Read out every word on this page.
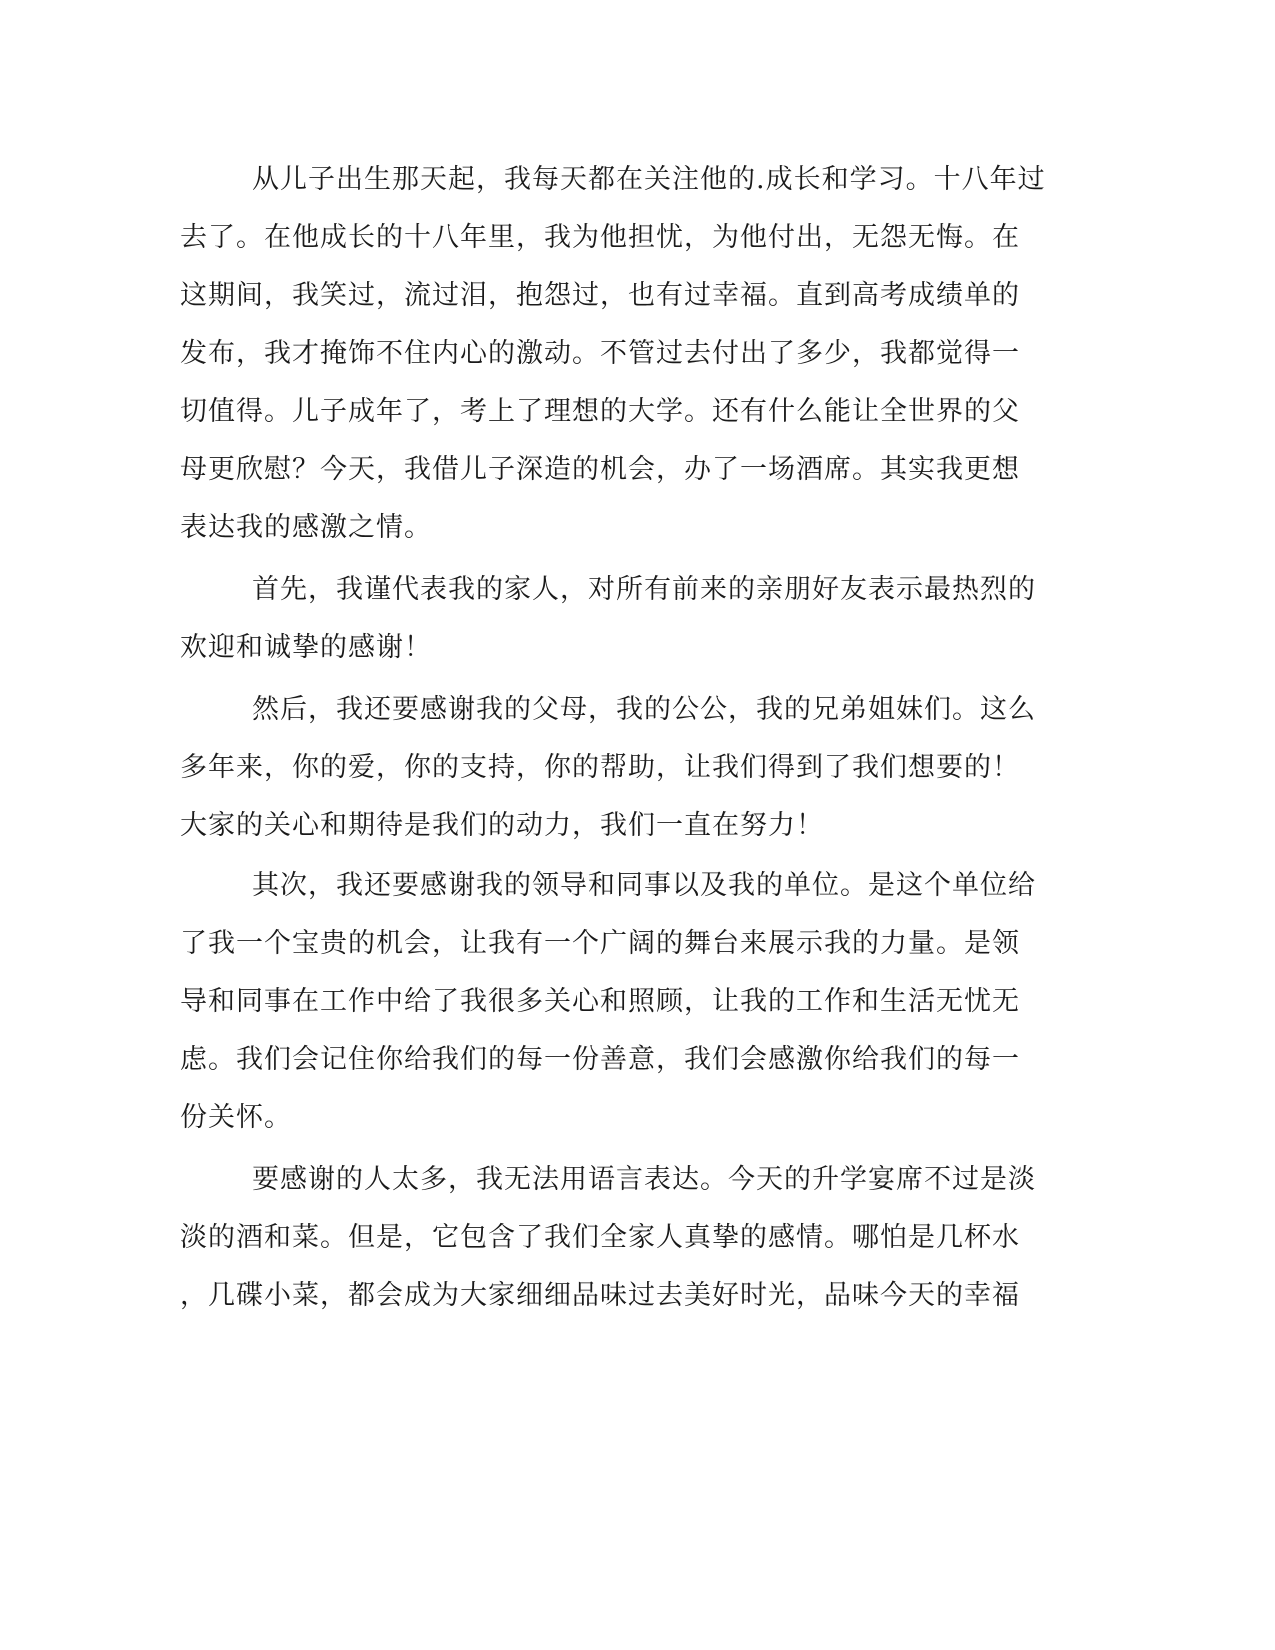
从儿子出生那天起，我每天都在关注他的.成长和学习。十八年过
去了。在他成长的十八年里，我为他担忧，为他付出，无怨无悔。在
这期间，我笑过，流过泪，抱怨过，也有过幸福。直到高考成绩单的
发布，我才掩饰不住内心的激动。不管过去付出了多少，我都觉得一
切值得。儿子成年了，考上了理想的大学。还有什么能让全世界的父
母更欣慰？今天，我借儿子深造的机会，办了一场酒席。其实我更想
表达我的感激之情。
首先，我谨代表我的家人，对所有前来的亲朋好友表示最热烈的
欢迎和诚挚的感谢！
然后，我还要感谢我的父母，我的公公，我的兄弟姐妹们。这么
多年来，你的爱，你的支持，你的帮助，让我们得到了我们想要的！
大家的关心和期待是我们的动力，我们一直在努力！
其次，我还要感谢我的领导和同事以及我的单位。是这个单位给
了我一个宝贵的机会，让我有一个广阔的舞台来展示我的力量。是领
导和同事在工作中给了我很多关心和照顾，让我的工作和生活无忧无
虑。我们会记住你给我们的每一份善意，我们会感激你给我们的每一
份关怀。
要感谢的人太多，我无法用语言表达。今天的升学宴席不过是淡
淡的酒和菜。但是，它包含了我们全家人真挚的感情。哪怕是几杯水
，几碟小菜，都会成为大家细细品味过去美好时光，品味今天的幸福
